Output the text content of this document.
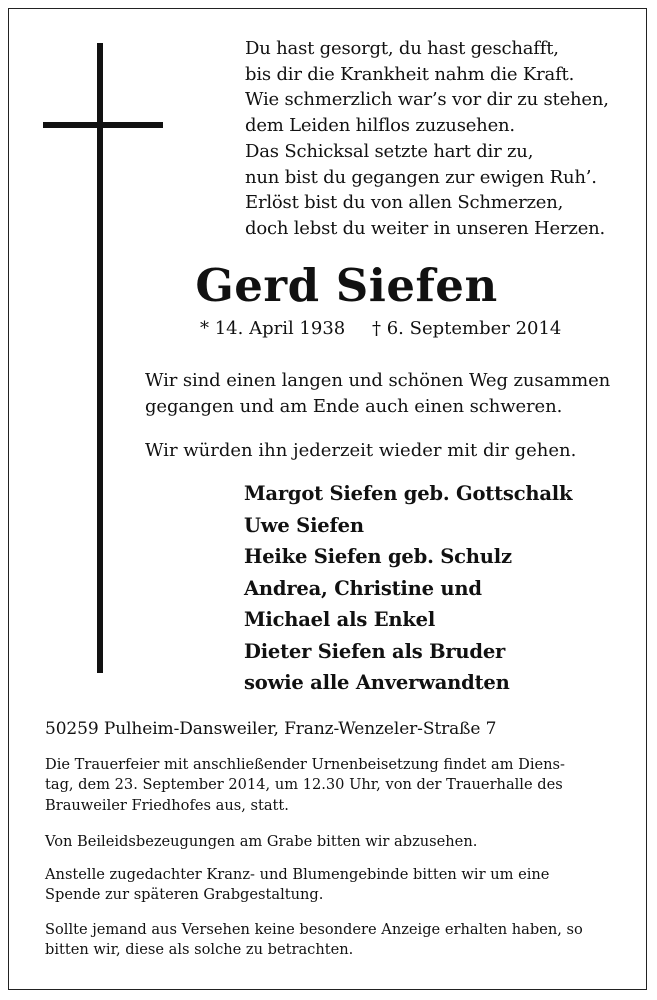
Du hast gesorgt, du hast geschafft,
bis dir die Krankheit nahm die Kraft.
Wie schmerzlich war’s vor dir zu stehen,
dem Leiden hilflos zuzusehen.
Das Schicksal setzte hart dir zu,
nun bist du gegangen zur ewigen Ruh’.
Erlöst bist du von allen Schmerzen,
doch lebst du weiter in unseren Herzen.
Gerd Siefen
* 14. April 1938 † 6. September 2014
Wir sind einen langen und schönen Weg zusammen
gegangen und am Ende auch einen schweren.
Wir würden ihn jederzeit wieder mit dir gehen.
Margot Siefen geb. Gottschalk
Uwe Siefen
Heike Siefen geb. Schulz
Andrea, Christine und
Michael als Enkel
Dieter Siefen als Bruder
sowie alle Anverwandten
50259 Pulheim-Dansweiler, Franz-Wenzeler-Straße 7
Die Trauerfeier mit anschließender Urnenbeisetzung findet am Diens-
tag, dem 23. September 2014, um 12.30 Uhr, von der Trauerhalle des
Brauweiler Friedhofes aus, statt.
Von Beileidsbezeugungen am Grabe bitten wir abzusehen.
Anstelle zugedachter Kranz- und Blumengebinde bitten wir um eine
Spende zur späteren Grabgestaltung.
Sollte jemand aus Versehen keine besondere Anzeige erhalten haben, so
bitten wir, diese als solche zu betrachten.
